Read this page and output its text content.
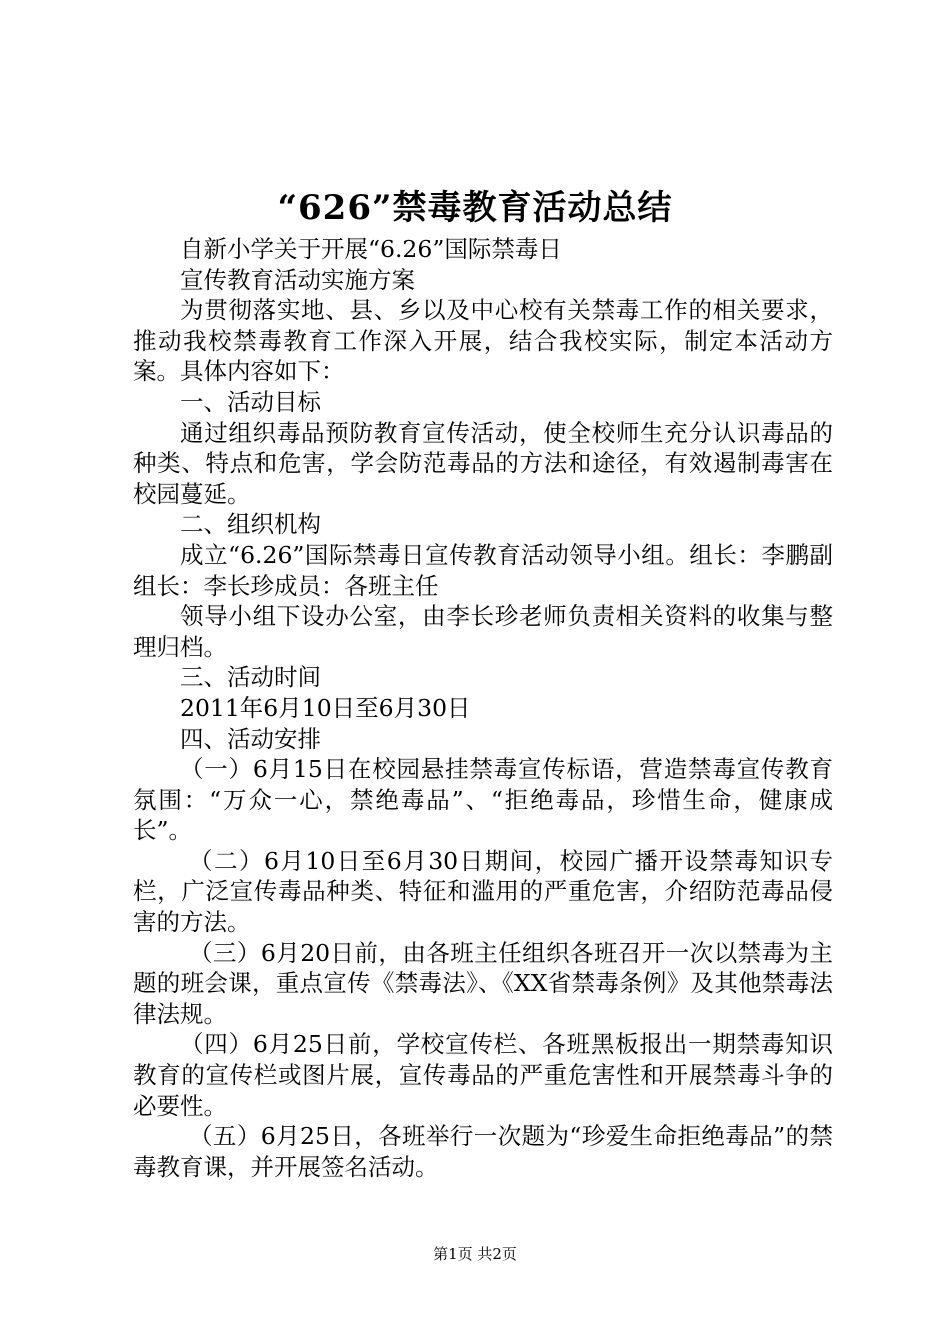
“626”禁毒教育活动总结

自新小学关于开展“6.26”国际禁毒日

宣传教育活动实施方案

为贯彻落实地、县、乡以及中心校有关禁毒工作的相关要求，推动我校禁毒教育工作深入开展，结合我校实际，制定本活动方案。具体内容如下：

一、活动目标

通过组织毒品预防教育宣传活动，使全校师生充分认识毒品的种类、特点和危害，学会防范毒品的方法和途径，有效遏制毒害在校园蔓延。

二、组织机构

成立“6.26”国际禁毒日宣传教育活动领导小组。组长：李鹏副组长：李长珍成员：各班主任

领导小组下设办公室，由李长珍老师负责相关资料的收集与整理归档。

三、活动时间

2011年6月10日至6月30日

四、活动安排

（一）6月15日在校园悬挂禁毒宣传标语，营造禁毒宣传教育氛围：“万众一心，禁绝毒品”、“拒绝毒品，珍惜生命，健康成长”。

（二）6月10日至6月30日期间，校园广播开设禁毒知识专栏，广泛宣传毒品种类、特征和滥用的严重危害，介绍防范毒品侵害的方法。

（三）6月20日前，由各班主任组织各班召开一次以禁毒为主题的班会课，重点宣传《禁毒法》、《XX省禁毒条例》及其他禁毒法律法规。

（四）6月25日前，学校宣传栏、各班黑板报出一期禁毒知识教育的宣传栏或图片展，宣传毒品的严重危害性和开展禁毒斗争的必要性。

（五）6月25日，各班举行一次题为“珍爱生命拒绝毒品”的禁毒教育课，并开展签名活动。

第1页 共2页
